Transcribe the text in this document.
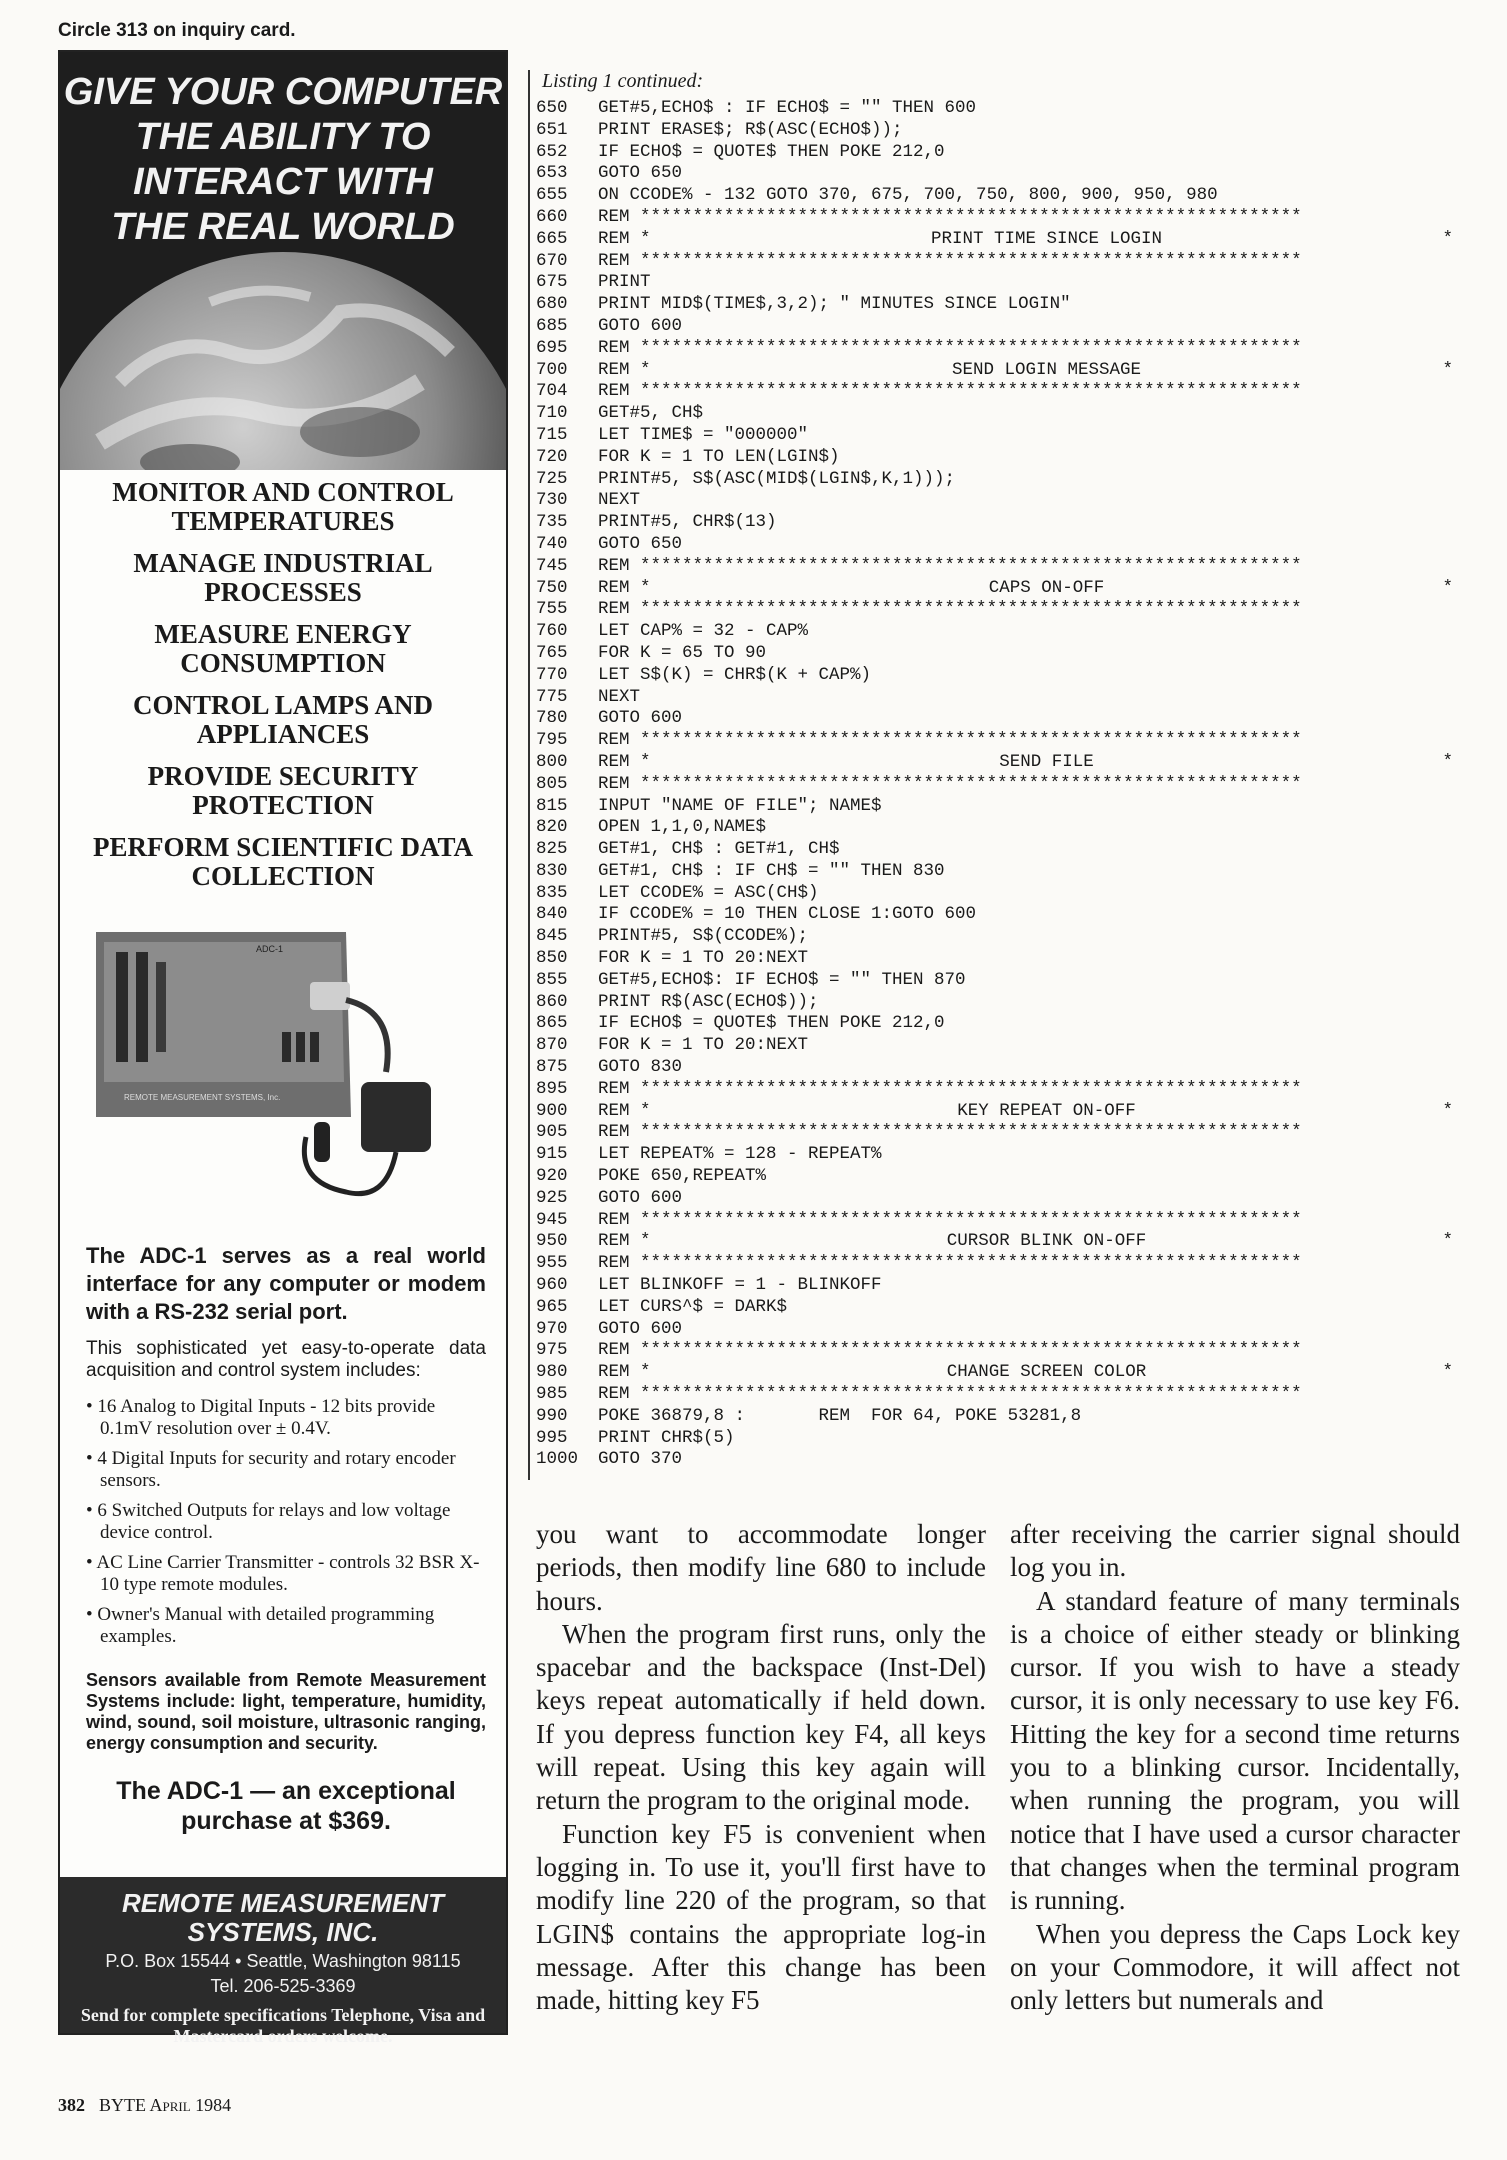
Circle 313 on inquiry card.
GIVE YOUR COMPUTER
THE ABILITY TO
INTERACT WITH
THE REAL WORLD
MONITOR AND CONTROL TEMPERATURES
MANAGE INDUSTRIAL PROCESSES
MEASURE ENERGY CONSUMPTION
CONTROL LAMPS AND APPLIANCES
PROVIDE SECURITY PROTECTION
PERFORM SCIENTIFIC DATA COLLECTION
ADC-1
REMOTE MEASUREMENT SYSTEMS, Inc.

The ADC-1 serves as a real world interface for any computer or modem with a RS-232 serial port.

This sophisticated yet easy-to-operate data acquisition and control system includes:

• 16 Analog to Digital Inputs - 12 bits provide 0.1mV resolution over ± 0.4V.
• 4 Digital Inputs for security and rotary encoder sensors.
• 6 Switched Outputs for relays and low voltage device control.
• AC Line Carrier Transmitter - controls 32 BSR X-10 type remote modules.
• Owner's Manual with detailed programming examples.

Sensors available from Remote Measurement Systems include: light, temperature, humidity, wind, sound, soil moisture, ultrasonic ranging, energy consumption and security.

The ADC-1 — an exceptional purchase at $369.

REMOTE MEASUREMENT SYSTEMS, INC.
P.O. Box 15544 • Seattle, Washington 98115
Tel. 206-525-3369
Send for complete specifications Telephone, Visa and Mastercard orders welcome.
Listing 1 continued:
650	GET#5,ECHO$ : IF ECHO$ = "" THEN 600
651	PRINT ERASE$; R$(ASC(ECHO$));
652	IF ECHO$ = QUOTE$ THEN POKE 212,0
653	GOTO 650
655	ON CCODE% - 132 GOTO 370, 675, 700, 750, 800, 900, 950, 980
660	REM ***************************************************************
665	REM *	PRINT TIME SINCE LOGIN	*
670	REM ***************************************************************
675	PRINT
680	PRINT MID$(TIME$,3,2); " MINUTES SINCE LOGIN"
685	GOTO 600
695	REM ***************************************************************
700	REM *	SEND LOGIN MESSAGE	*
704	REM ***************************************************************
710	GET#5, CH$
715	LET TIME$ = "000000"
720	FOR K = 1 TO LEN(LGIN$)
725	PRINT#5, S$(ASC(MID$(LGIN$,K,1)));
730	NEXT
735	PRINT#5, CHR$(13)
740	GOTO 650
745	REM ***************************************************************
750	REM *	CAPS ON-OFF	*
755	REM ***************************************************************
760	LET CAP% = 32 - CAP%
765	FOR K = 65 TO 90
770	LET S$(K) = CHR$(K + CAP%)
775	NEXT
780	GOTO 600
795	REM ***************************************************************
800	REM *	SEND FILE	*
805	REM ***************************************************************
815	INPUT "NAME OF FILE"; NAME$
820	OPEN 1,1,0,NAME$
825	GET#1, CH$ : GET#1, CH$
830	GET#1, CH$ : IF CH$ = "" THEN 830
835	LET CCODE% = ASC(CH$)
840	IF CCODE% = 10 THEN CLOSE 1:GOTO 600
845	PRINT#5, S$(CCODE%);
850	FOR K = 1 TO 20:NEXT
855	GET#5,ECHO$: IF ECHO$ = "" THEN 870
860	PRINT R$(ASC(ECHO$));
865	IF ECHO$ = QUOTE$ THEN POKE 212,0
870	FOR K = 1 TO 20:NEXT
875	GOTO 830
895	REM ***************************************************************
900	REM *	KEY REPEAT ON-OFF	*
905	REM ***************************************************************
915	LET REPEAT% = 128 - REPEAT%
920	POKE 650,REPEAT%
925	GOTO 600
945	REM ***************************************************************
950	REM *	CURSOR BLINK ON-OFF	*
955	REM ***************************************************************
960	LET BLINKOFF = 1 - BLINKOFF
965	LET CURS^$ = DARK$
970	GOTO 600
975	REM ***************************************************************
980	REM *	CHANGE SCREEN COLOR	*
985	REM ***************************************************************
990	POKE 36879,8 :       REM  FOR 64, POKE 53281,8
995	PRINT CHR$(5)
1000	GOTO 370

you want to accommodate longer periods, then modify line 680 to include hours.

When the program first runs, only the spacebar and the backspace (Inst-Del) keys repeat automatically if held down. If you depress function key F4, all keys will repeat. Using this key again will return the program to the original mode.

Function key F5 is convenient when logging in. To use it, you'll first have to modify line 220 of the program, so that LGIN$ contains the appropriate log-in message. After this change has been made, hitting key F5

after receiving the carrier signal should log you in.

A standard feature of many terminals is a choice of either steady or blinking cursor. If you wish to have a steady cursor, it is only necessary to use key F6. Hitting the key for a second time returns you to a blinking cursor. Incidentally, when running the program, you will notice that I have used a cursor character that changes when the terminal program is running.

When you depress the Caps Lock key on your Commodore, it will affect not only letters but numerals and

382 BYTE April 1984
